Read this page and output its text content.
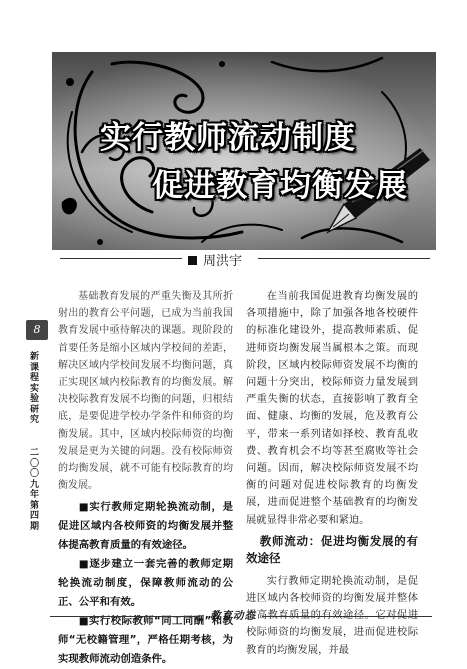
实行教师流动制度
促进教育均衡发展
周洪宇
8
新课程实验研究
二〇〇九年 第四期

基础教育发展的严重失衡及其所折射出的教育公平问题，已成为当前我国教育发展中亟待解决的课题。现阶段的首要任务是缩小区域内学校间的差距，解决区域内学校间发展不均衡问题，真正实现区域内校际教育的均衡发展。解决校际教育发展不均衡的问题，归根结底，是要促进学校办学条件和师资的均衡发展。其中，区域内校际师资的均衡发展是更为关键的问题。没有校际师资的均衡发展，就不可能有校际教育的均衡发展。

■实行教师定期轮换流动制，是促进区域内各校师资的均衡发展并整体提高教育质量的有效途径。

■逐步建立一套完善的教师定期轮换流动制度，保障教师流动的公正、公平和有效。

■实行校际教师“同工同酬”和教师“无校籍管理”，严格任期考核，为实现教师流动创造条件。

在当前我国促进教育均衡发展的各项措施中，除了加强各地各校硬件的标准化建设外，提高教师素质、促进师资均衡发展当属根本之策。而现阶段，区域内校际师资发展不均衡的问题十分突出，校际师资力量发展到严重失衡的状态，直接影响了教育全面、健康、均衡的发展，危及教育公平，带来一系列诸如择校、教育乱收费、教育机会不均等甚至腐败等社会问题。因而，解决校际师资发展不均衡的问题对促进校际教育的均衡发展，进而促进整个基础教育的均衡发展就显得非常必要和紧迫。

教师流动：促进均衡发展的有效途径

实行教师定期轮换流动制，是促进区域内各校师资的均衡发展并整体提高教育质量的有效途径。它对促进校际师资的均衡发展，进而促进校际教育的均衡发展，并最

教育动态
